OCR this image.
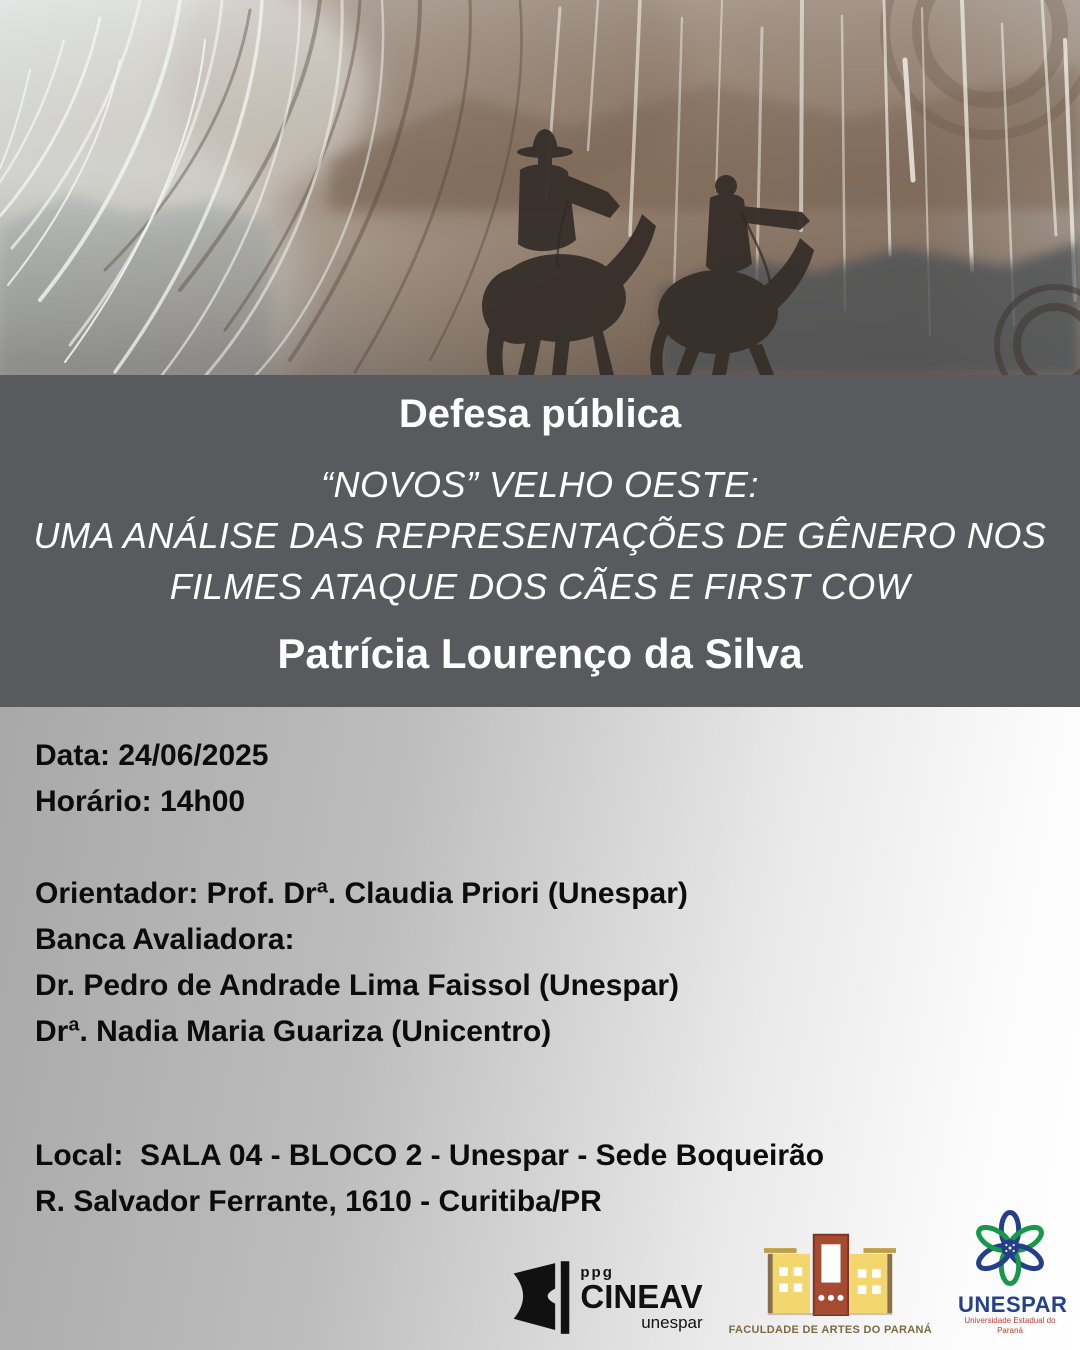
Defesa pública
“NOVOS” VELHO OESTE:
UMA ANÁLISE DAS REPRESENTAÇÕES DE GÊNERO NOS
FILMES ATAQUE DOS CÃES E FIRST COW
Patrícia Lourenço da Silva
Data: 24/06/2025
Horário: 14h00
Orientador: Prof. Drª. Claudia Priori (Unespar)
Banca Avaliadora:
Dr. Pedro de Andrade Lima Faissol (Unespar)
Drª. Nadia Maria Guariza (Unicentro)
Local:  SALA 04 - BLOCO 2 - Unespar - Sede Boqueirão
R. Salvador Ferrante, 1610 - Curitiba/PR
ppg
CINEAV
unespar FACULDADE DE ARTES DO PARANÁ
UNESPAR
Universidade Estadual do Paraná
